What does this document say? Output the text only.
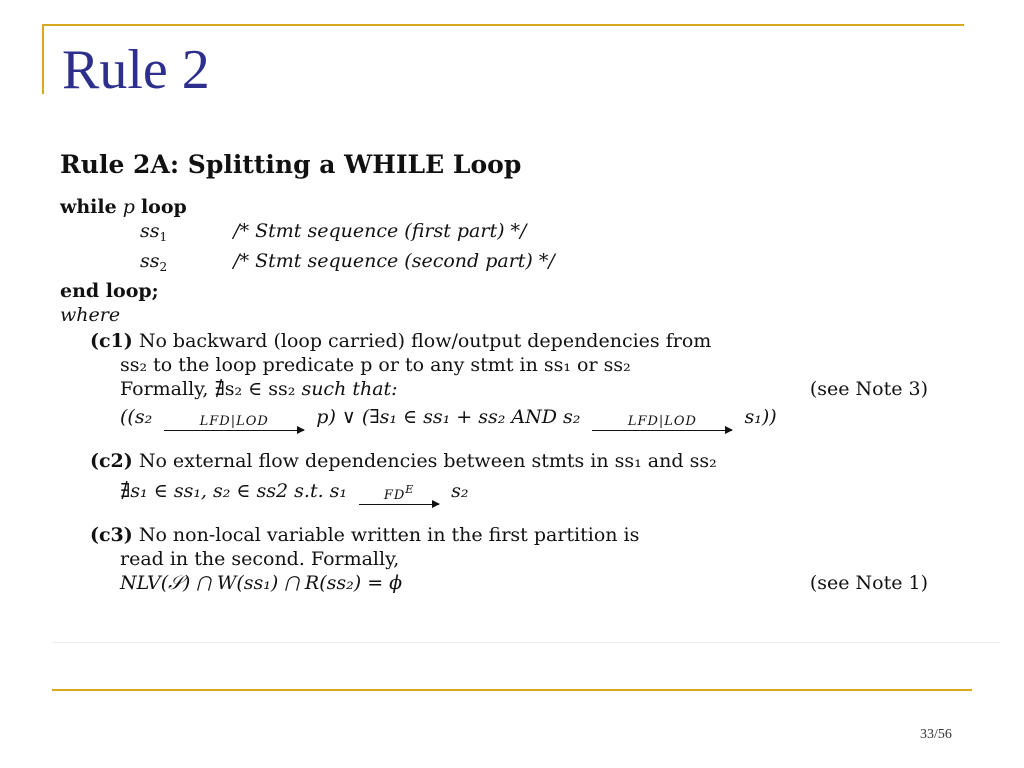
Rule 2
Rule 2A: Splitting a WHILE Loop
while p loop
$ss_1$	/* Stmt sequence (first part) */
$ss_2$	/* Stmt sequence (second part) */
end loop;
where
(c1) No backward (loop carried) flow/output dependencies from
ss₂ to the loop predicate p or to any stmt in ss₁ or ss₂
Formally, ∄s₂ ∈ ss₂ such that:	(see Note 3)
((s₂	LFD|LOD	p) ∨ (∃s₁ ∈ ss₁ + ss₂ AND s₂	LFD|LOD	s₁))
(c2) No external flow dependencies between stmts in ss₁ and ss₂
∄s₁ ∈ ss₁, s₂ ∈ ss2 s.t. s₁	$FD^E$	s₂
(c3) No non-local variable written in the first partition is
read in the second. Formally,
NLV(𝒮) ⋂ W(ss₁) ⋂ R(ss₂) = ϕ	(see Note 1)
33/56
